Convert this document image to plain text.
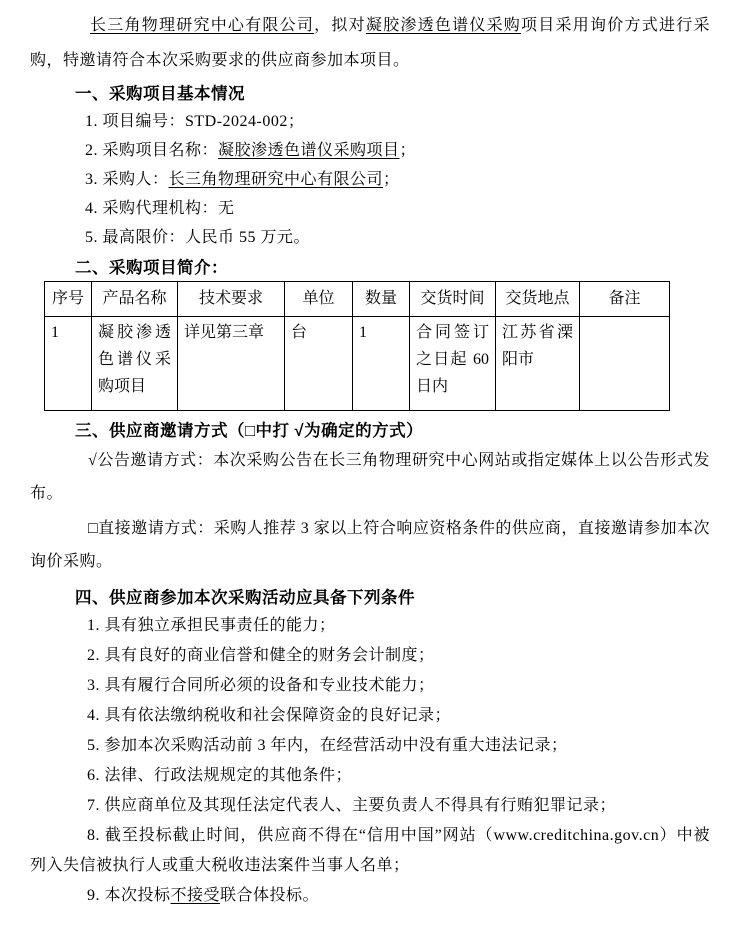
长三角物理研究中心有限公司，拟对凝胶渗透色谱仪采购项目采用询价方式进行采购，特邀请符合本次采购要求的供应商参加本项目。

一、采购项目基本情况

1. 项目编号：STD-2024-002；

2. 采购项目名称：凝胶渗透色谱仪采购项目；

3. 采购人：长三角物理研究中心有限公司；

4. 采购代理机构：无

5. 最高限价：人民币 55 万元。

二、采购项目简介：
序号	产品名称	技术要求	单位	数量	交货时间	交货地点	备注
1	凝胶渗透色谱仪采购项目	详见第三章	台	1	合同签订之日起 60 日内	江苏省溧阳市	
三、供应商邀请方式（□中打 √为确定的方式）

√公告邀请方式：本次采购公告在长三角物理研究中心网站或指定媒体上以公告形式发布。

□直接邀请方式：采购人推荐 3 家以上符合响应资格条件的供应商，直接邀请参加本次询价采购。

四、供应商参加本次采购活动应具备下列条件

1. 具有独立承担民事责任的能力；

2. 具有良好的商业信誉和健全的财务会计制度；

3. 具有履行合同所必须的设备和专业技术能力；

4. 具有依法缴纳税收和社会保障资金的良好记录；

5. 参加本次采购活动前 3 年内，在经营活动中没有重大违法记录；

6. 法律、行政法规规定的其他条件；

7. 供应商单位及其现任法定代表人、主要负责人不得具有行贿犯罪记录；

8. 截至投标截止时间，供应商不得在“信用中国”网站（www.creditchina.gov.cn）中被列入失信被执行人或重大税收违法案件当事人名单；

9. 本次投标不接受联合体投标。
